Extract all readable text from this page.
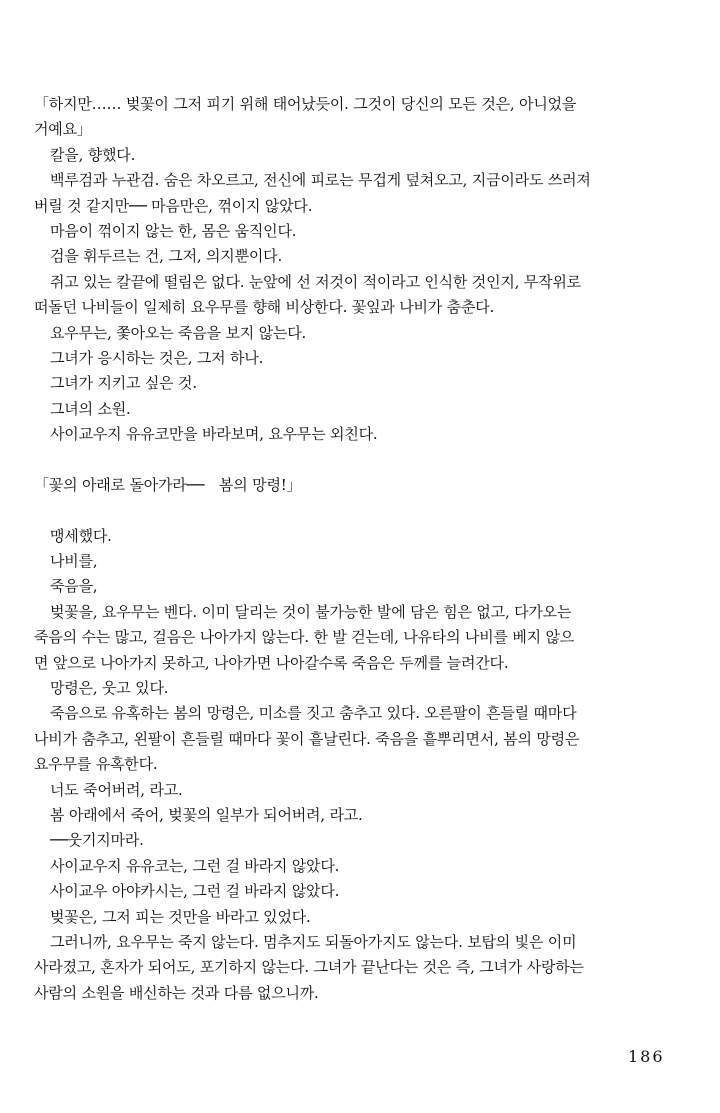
「하지만…… 벚꽃이 그저 피기 위해 태어났듯이. 그것이 당신의 모든 것은, 아니었을
거예요」
칼을, 향했다.
백루검과 누관검. 숨은 차오르고, 전신에 피로는 무겁게 덮쳐오고, 지금이라도 쓰러져
버릴 것 같지만── 마음만은, 꺾이지 않았다.
마음이 꺾이지 않는 한, 몸은 움직인다.
검을 휘두르는 건, 그저, 의지뿐이다.
쥐고 있는 칼끝에 떨림은 없다. 눈앞에 선 저것이 적이라고 인식한 것인지, 무작위로
떠돌던 나비들이 일제히 요우무를 향해 비상한다. 꽃잎과 나비가 춤춘다.
요우무는, 쫓아오는 죽음을 보지 않는다.
그녀가 응시하는 것은, 그저 하나.
그녀가 지키고 싶은 것.
그녀의 소원.
사이교우지 유유코만을 바라보며, 요우무는 외친다.
「꽃의 아래로 돌아가라──　봄의 망령!」
맹세했다.
나비를,
죽음을,
벚꽃을, 요우무는 벤다. 이미 달리는 것이 불가능한 발에 담은 힘은 없고, 다가오는
죽음의 수는 많고, 걸음은 나아가지 않는다. 한 발 걷는데, 나유타의 나비를 베지 않으
면 앞으로 나아가지 못하고, 나아가면 나아갈수록 죽음은 두께를 늘려간다.
망령은, 웃고 있다.
죽음으로 유혹하는 봄의 망령은, 미소를 짓고 춤추고 있다. 오른팔이 흔들릴 때마다
나비가 춤추고, 왼팔이 흔들릴 때마다 꽃이 흩날린다. 죽음을 흩뿌리면서, 봄의 망령은
요우무를 유혹한다.
너도 죽어버려, 라고.
봄 아래에서 죽어, 벚꽃의 일부가 되어버려, 라고.
──웃기지마라.
사이교우지 유유코는, 그런 걸 바라지 않았다.
사이교우 아야카시는, 그런 걸 바라지 않았다.
벚꽃은, 그저 피는 것만을 바라고 있었다.
그러니까, 요우무는 죽지 않는다. 멈추지도 되돌아가지도 않는다. 보탑의 빛은 이미
사라졌고, 혼자가 되어도, 포기하지 않는다. 그녀가 끝난다는 것은 즉, 그녀가 사랑하는
사람의 소원을 배신하는 것과 다름 없으니까.
186
